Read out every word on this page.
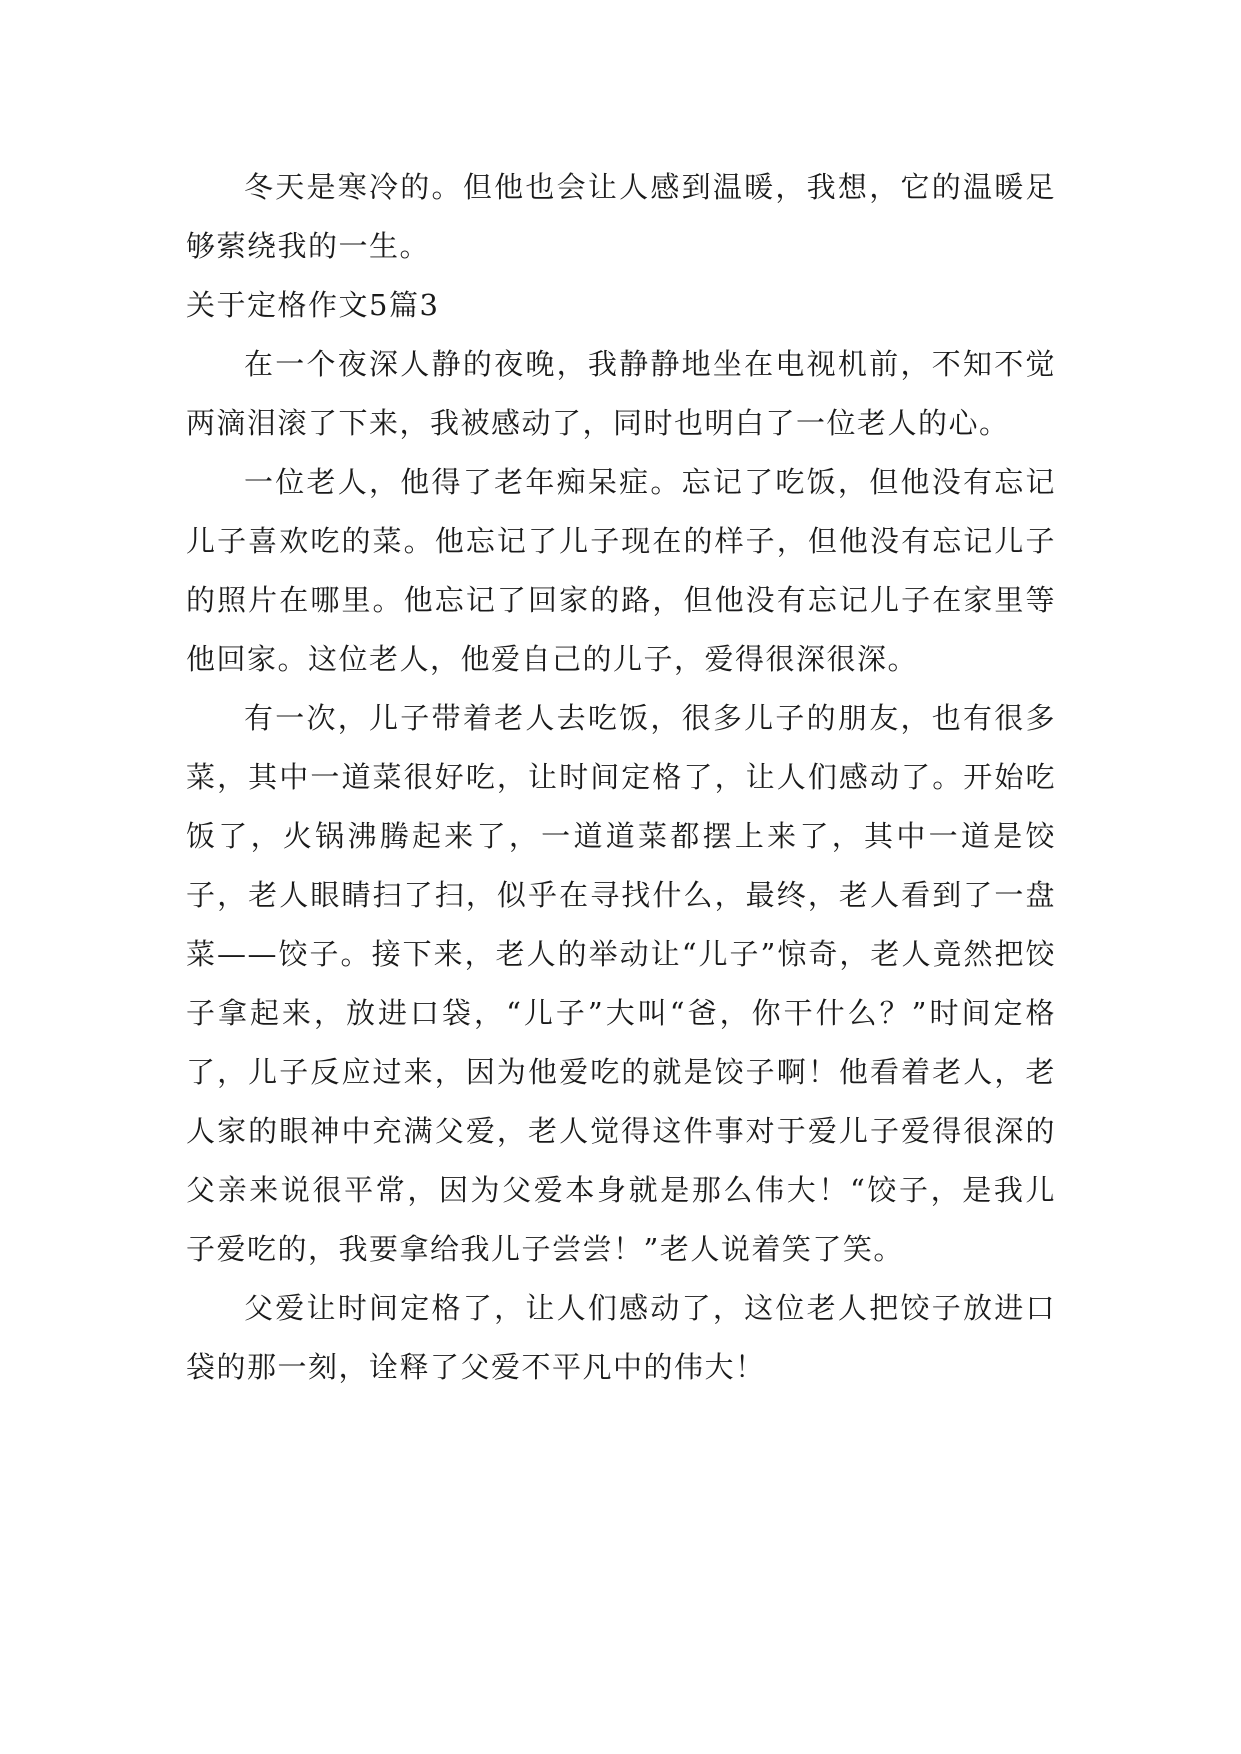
冬天是寒冷的。但他也会让人感到温暖，我想，它的温暖足够萦绕我的一生。

关于定格作文5篇3

在一个夜深人静的夜晚，我静静地坐在电视机前，不知不觉两滴泪滚了下来，我被感动了，同时也明白了一位老人的心。

一位老人，他得了老年痴呆症。忘记了吃饭，但他没有忘记儿子喜欢吃的菜。他忘记了儿子现在的样子，但他没有忘记儿子的照片在哪里。他忘记了回家的路，但他没有忘记儿子在家里等他回家。这位老人，他爱自己的儿子，爱得很深很深。

有一次，儿子带着老人去吃饭，很多儿子的朋友，也有很多菜，其中一道菜很好吃，让时间定格了，让人们感动了。开始吃饭了，火锅沸腾起来了，一道道菜都摆上来了，其中一道是饺子，老人眼睛扫了扫，似乎在寻找什么，最终，老人看到了一盘菜——饺子。接下来，老人的举动让“儿子”惊奇，老人竟然把饺子拿起来，放进口袋，“儿子”大叫“爸，你干什么？”时间定格了，儿子反应过来，因为他爱吃的就是饺子啊！他看着老人，老人家的眼神中充满父爱，老人觉得这件事对于爱儿子爱得很深的父亲来说很平常，因为父爱本身就是那么伟大！“饺子，是我儿子爱吃的，我要拿给我儿子尝尝！”老人说着笑了笑。

父爱让时间定格了，让人们感动了，这位老人把饺子放进口袋的那一刻，诠释了父爱不平凡中的伟大！
